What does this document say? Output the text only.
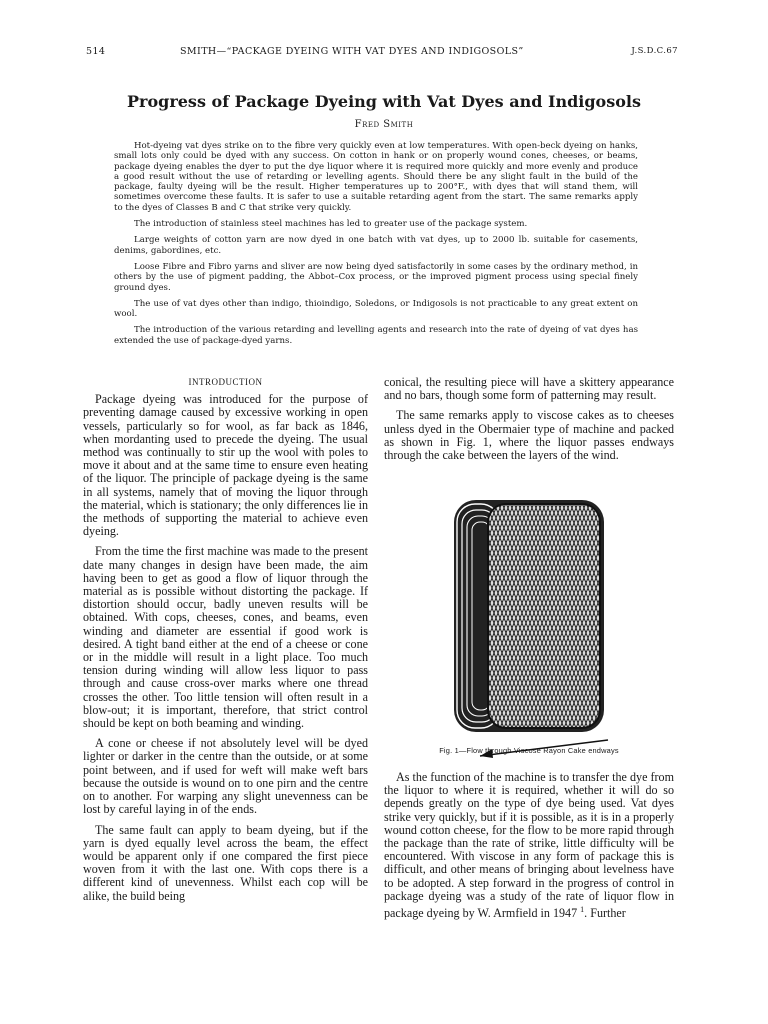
514	SMITH—“PACKAGE DYEING WITH VAT DYES AND INDIGOSOLS”	J.S.D.C.67
Progress of Package Dyeing with Vat Dyes and Indigosols
Fred Smith

Hot-dyeing vat dyes strike on to the fibre very quickly even at low temperatures. With open-beck dyeing on hanks, small lots only could be dyed with any success. On cotton in hank or on properly wound cones, cheeses, or beams, package dyeing enables the dyer to put the dye liquor where it is required more quickly and more evenly and produce a good result without the use of retarding or levelling agents. Should there be any slight fault in the build of the package, faulty dyeing will be the result. Higher temperatures up to 200°F., with dyes that will stand them, will sometimes overcome these faults. It is safer to use a suitable retarding agent from the start. The same remarks apply to the dyes of Classes B and C that strike very quickly.

The introduction of stainless steel machines has led to greater use of the package system.

Large weights of cotton yarn are now dyed in one batch with vat dyes, up to 2000 lb. suitable for casements, denims, gabordines, etc.

Loose Fibre and Fibro yarns and sliver are now being dyed satisfactorily in some cases by the ordinary method, in others by the use of pigment padding, the Abbot–Cox process, or the improved pigment process using special finely ground dyes.

The use of vat dyes other than indigo, thioindigo, Soledons, or Indigosols is not practicable to any great extent on wool.

The introduction of the various retarding and levelling agents and research into the rate of dyeing of vat dyes has extended the use of package-dyed yarns.

INTRODUCTION

Package dyeing was introduced for the purpose of preventing damage caused by excessive working in open vessels, particularly so for wool, as far back as 1846, when mordanting used to precede the dyeing. The usual method was continually to stir up the wool with poles to move it about and at the same time to ensure even heating of the liquor. The principle of package dyeing is the same in all systems, namely that of moving the liquor through the material, which is stationary; the only differences lie in the methods of supporting the material to achieve even dyeing.

From the time the first machine was made to the present date many changes in design have been made, the aim having been to get as good a flow of liquor through the material as is possible without distorting the package. If distortion should occur, badly uneven results will be obtained. With cops, cheeses, cones, and beams, even winding and diameter are essential if good work is desired. A tight band either at the end of a cheese or cone or in the middle will result in a light place. Too much tension during winding will allow less liquor to pass through and cause cross-over marks where one thread crosses the other. Too little tension will often result in a blow-out; it is important, therefore, that strict control should be kept on both beaming and winding.

A cone or cheese if not absolutely level will be dyed lighter or darker in the centre than the outside, or at some point between, and if used for weft will make weft bars because the outside is wound on to one pirn and the centre on to another. For warping any slight unevenness can be lost by careful laying in of the ends.

The same fault can apply to beam dyeing, but if the yarn is dyed equally level across the beam, the effect would be apparent only if one compared the first piece woven from it with the last one. With cops there is a different kind of unevenness. Whilst each cop will be alike, the build being

conical, the resulting piece will have a skittery appearance and no bars, though some form of patterning may result.

The same remarks apply to viscose cakes as to cheeses unless dyed in the Obermaier type of machine and packed as shown in Fig. 1, where the liquor passes endways through the cake between the layers of the wind.

Fig. 1—Flow through Viscose Rayon Cake endways

As the function of the machine is to transfer the dye from the liquor to where it is required, whether it will do so depends greatly on the type of dye being used. Vat dyes strike very quickly, but if it is possible, as it is in a properly wound cotton cheese, for the flow to be more rapid through the package than the rate of strike, little difficulty will be encountered. With viscose in any form of package this is difficult, and other means of bringing about levelness have to be adopted. A step forward in the progress of control in package dyeing was a study of the rate of liquor flow in package dyeing by W. Armfield in 1947 $^1$. Further
